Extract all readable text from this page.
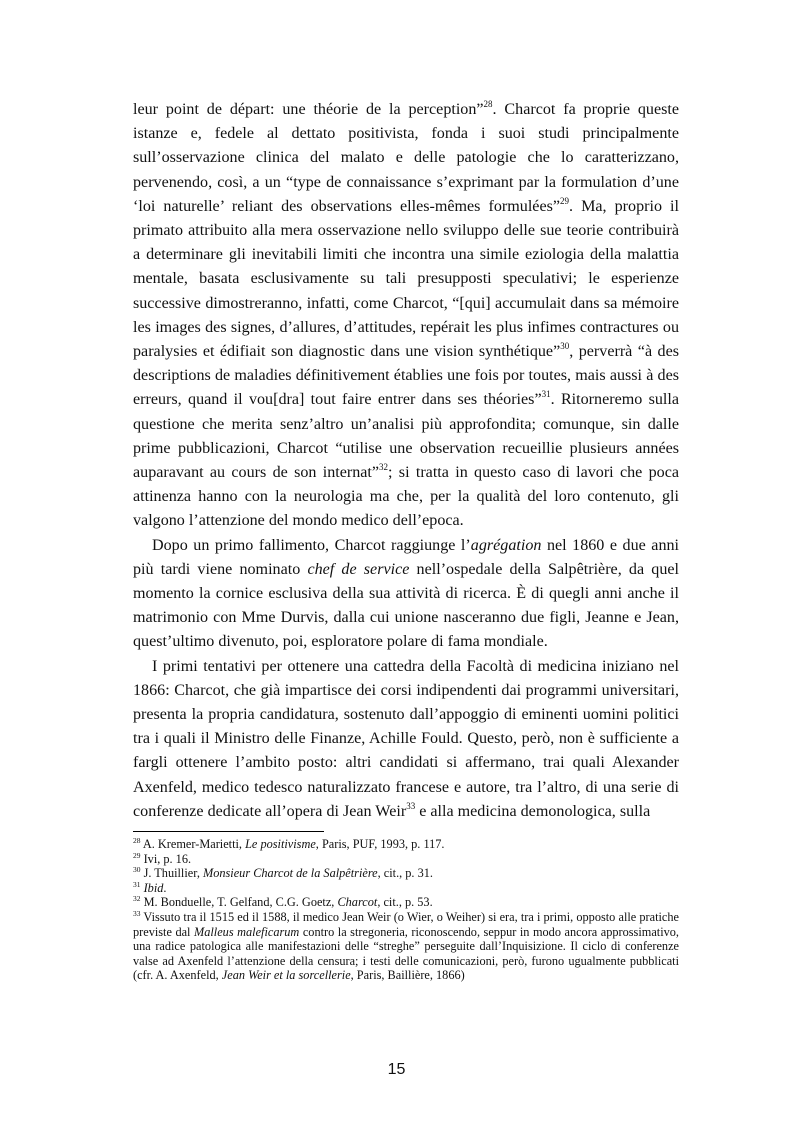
leur point de départ: une théorie de la perception”$^{28}$. Charcot fa proprie queste istanze e, fedele al dettato positivista, fonda i suoi studi principalmente sull’osservazione clinica del malato e delle patologie che lo caratterizzano, pervenendo, così, a un “type de connaissance s’exprimant par la formulation d’une ‘loi naturelle’ reliant des observations elles-mêmes formulées”$^{29}$. Ma, proprio il primato attribuito alla mera osservazione nello sviluppo delle sue teorie contribuirà a determinare gli inevitabili limiti che incontra una simile eziologia della malattia mentale, basata esclusivamente su tali presupposti speculativi; le esperienze successive dimostreranno, infatti, come Charcot, “[qui] accumulait dans sa mémoire les images des signes, d’allures, d’attitudes, repérait les plus infimes contractures ou paralysies et édifiait son diagnostic dans une vision synthétique”$^{30}$, perverrà “à des descriptions de maladies définitivement établies une fois por toutes, mais aussi à des erreurs, quand il vou[dra] tout faire entrer dans ses théories”$^{31}$. Ritorneremo sulla questione che merita senz’altro un’analisi più approfondita; comunque, sin dalle prime pubblicazioni, Charcot “utilise une observation recueillie plusieurs années auparavant au cours de son internat”$^{32}$; si tratta in questo caso di lavori che poca attinenza hanno con la neurologia ma che, per la qualità del loro contenuto, gli valgono l’attenzione del mondo medico dell’epoca.

Dopo un primo fallimento, Charcot raggiunge l’agrégation nel 1860 e due anni più tardi viene nominato chef de service nell’ospedale della Salpêtrière, da quel momento la cornice esclusiva della sua attività di ricerca. È di quegli anni anche il matrimonio con Mme Durvis, dalla cui unione nasceranno due figli, Jeanne e Jean, quest’ultimo divenuto, poi, esploratore polare di fama mondiale.

I primi tentativi per ottenere una cattedra della Facoltà di medicina iniziano nel 1866: Charcot, che già impartisce dei corsi indipendenti dai programmi universitari, presenta la propria candidatura, sostenuto dall’appoggio di eminenti uomini politici tra i quali il Ministro delle Finanze, Achille Fould. Questo, però, non è sufficiente a fargli ottenere l’ambito posto: altri candidati si affermano, trai quali Alexander Axenfeld, medico tedesco naturalizzato francese e autore, tra l’altro, di una serie di conferenze dedicate all’opera di Jean Weir$^{33}$ e alla medicina demonologica, sulla

$^{28}$ A. Kremer-Marietti, Le positivisme, Paris, PUF, 1993, p. 117.

$^{29}$ Ivi, p. 16.

$^{30}$ J. Thuillier, Monsieur Charcot de la Salpêtrière, cit., p. 31.

$^{31}$ Ibid.

$^{32}$ M. Bonduelle, T. Gelfand, C.G. Goetz, Charcot, cit., p. 53.

$^{33}$ Vissuto tra il 1515 ed il 1588, il medico Jean Weir (o Wier, o Weiher) si era, tra i primi, opposto alle pratiche previste dal Malleus maleficarum contro la stregoneria, riconoscendo, seppur in modo ancora approssimativo, una radice patologica alle manifestazioni delle “streghe” perseguite dall’Inquisizione. Il ciclo di conferenze valse ad Axenfeld l’attenzione della censura; i testi delle comunicazioni, però, furono ugualmente pubblicati (cfr. A. Axenfeld, Jean Weir et la sorcellerie, Paris, Baillière, 1866)

15
